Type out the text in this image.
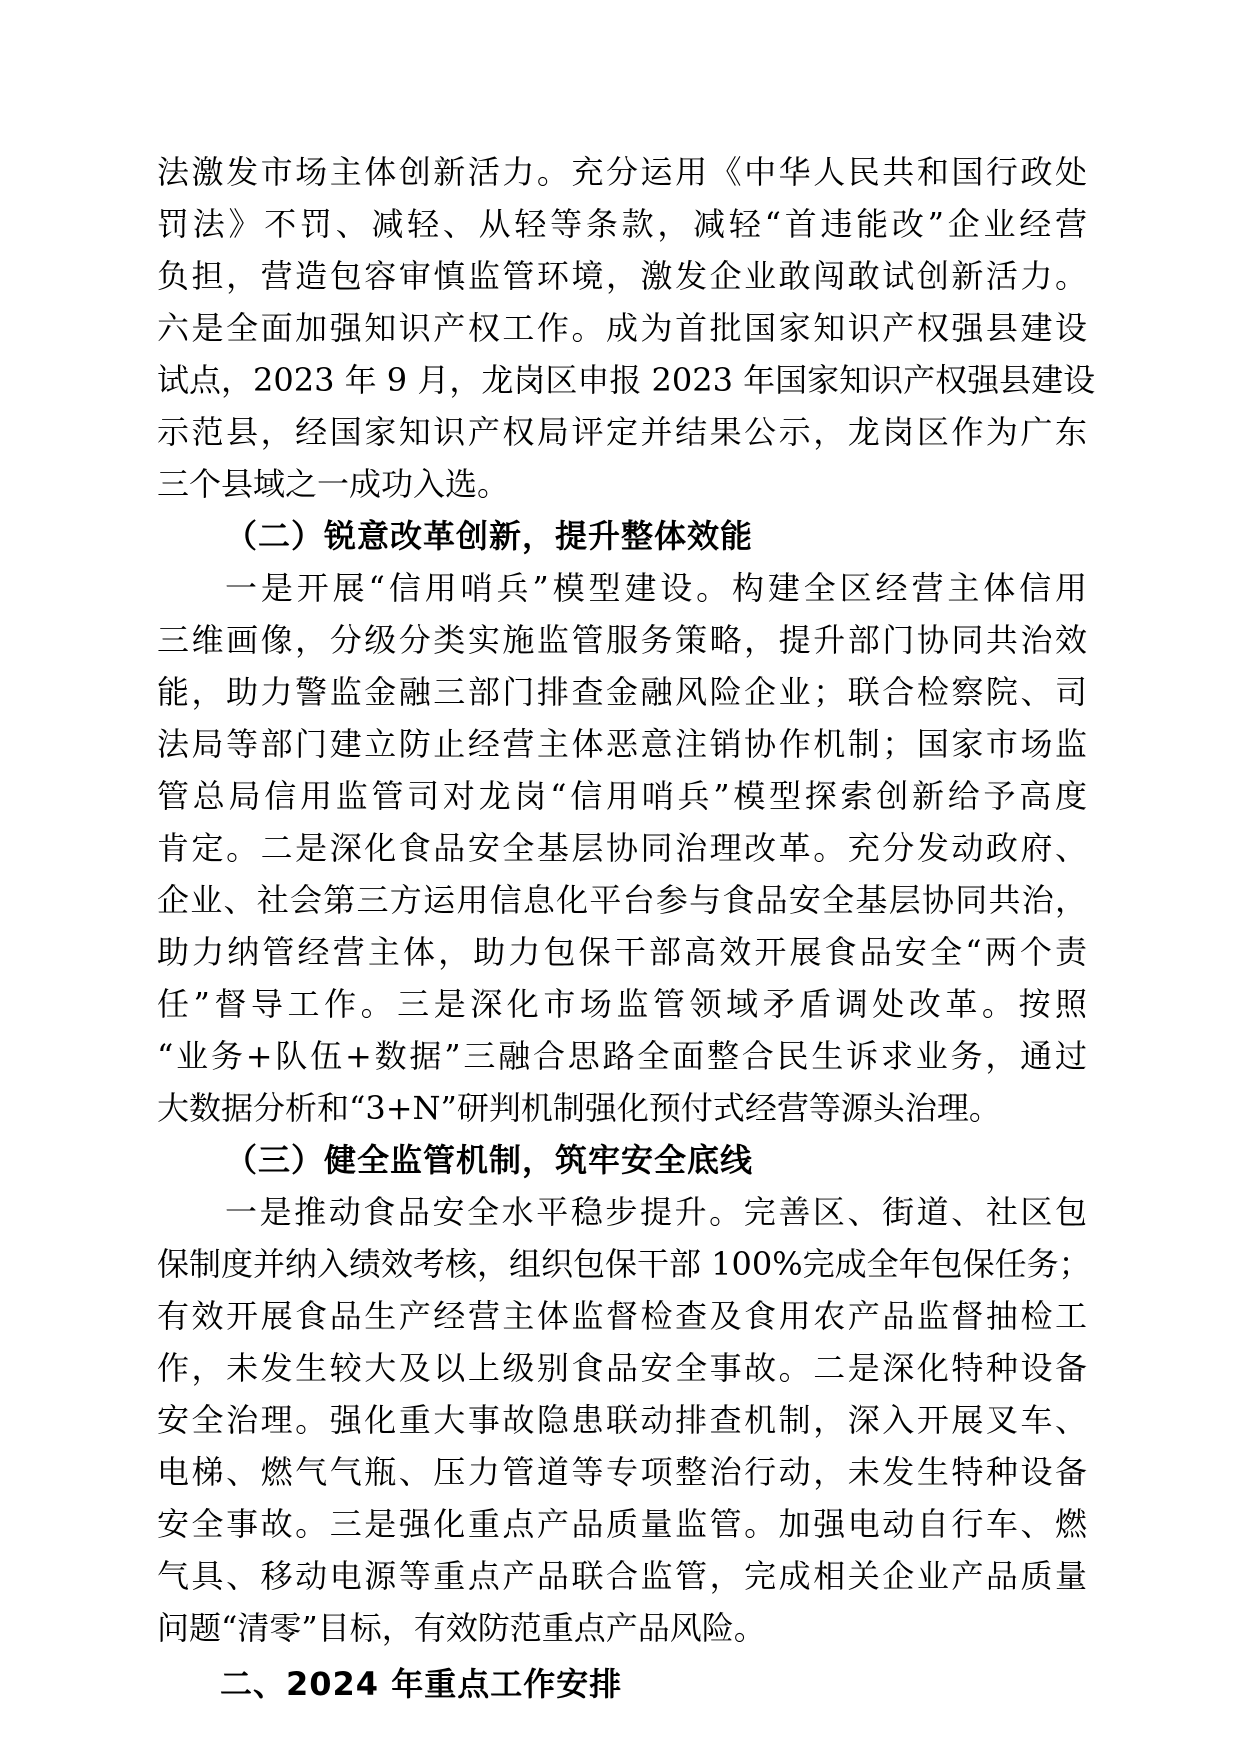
法激发市场主体创新活力。充分运用《中华人民共和国行政处
罚法》不罚、减轻、从轻等条款，减轻“首违能改”企业经营
负担，营造包容审慎监管环境，激发企业敢闯敢试创新活力。
六是全面加强知识产权工作。成为首批国家知识产权强县建设
试点，2023 年 9 月，龙岗区申报 2023 年国家知识产权强县建设
示范县，经国家知识产权局评定并结果公示，龙岗区作为广东
三个县域之一成功入选。
（二）锐意改革创新，提升整体效能
一是开展“信用哨兵”模型建设。构建全区经营主体信用
三维画像，分级分类实施监管服务策略，提升部门协同共治效
能，助力警监金融三部门排查金融风险企业；联合检察院、司
法局等部门建立防止经营主体恶意注销协作机制；国家市场监
管总局信用监管司对龙岗“信用哨兵”模型探索创新给予高度
肯定。二是深化食品安全基层协同治理改革。充分发动政府、
企业、社会第三方运用信息化平台参与食品安全基层协同共治，
助力纳管经营主体，助力包保干部高效开展食品安全“两个责
任”督导工作。三是深化市场监管领域矛盾调处改革。按照
“业务+队伍+数据”三融合思路全面整合民生诉求业务，通过
大数据分析和“3+N”研判机制强化预付式经营等源头治理。
（三）健全监管机制，筑牢安全底线
一是推动食品安全水平稳步提升。完善区、街道、社区包
保制度并纳入绩效考核，组织包保干部 100%完成全年包保任务；
有效开展食品生产经营主体监督检查及食用农产品监督抽检工
作，未发生较大及以上级别食品安全事故。二是深化特种设备
安全治理。强化重大事故隐患联动排查机制，深入开展叉车、
电梯、燃气气瓶、压力管道等专项整治行动，未发生特种设备
安全事故。三是强化重点产品质量监管。加强电动自行车、燃
气具、移动电源等重点产品联合监管，完成相关企业产品质量
问题“清零”目标，有效防范重点产品风险。
二、2024 年重点工作安排
